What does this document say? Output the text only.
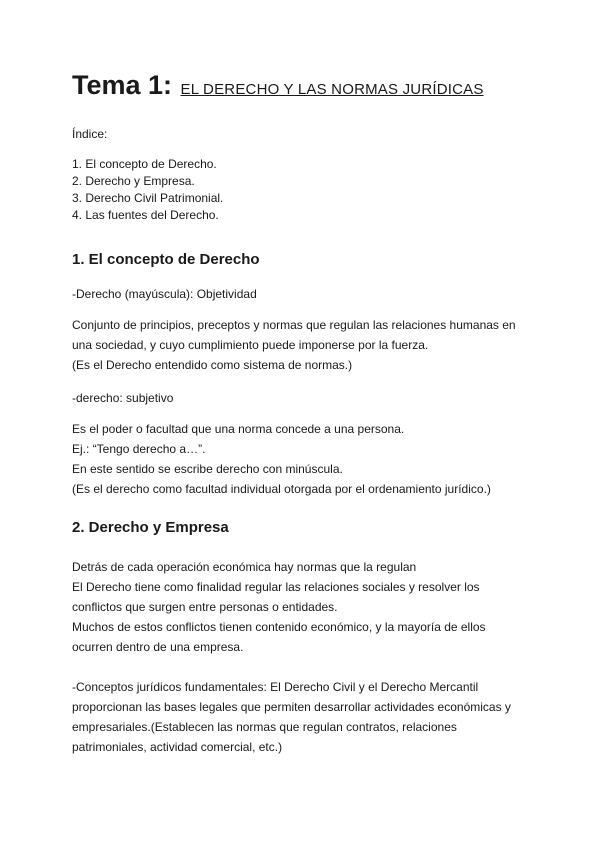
Tema 1: EL DERECHO Y LAS NORMAS JURÍDICAS
Índice:
1. El concepto de Derecho.
2. Derecho y Empresa.
3. Derecho Civil Patrimonial.
4. Las fuentes del Derecho.
1. El concepto de Derecho
-Derecho (mayúscula): Objetividad
Conjunto de principios, preceptos y normas que regulan las relaciones humanas en
una sociedad, y cuyo cumplimiento puede imponerse por la fuerza.
(Es el Derecho entendido como sistema de normas.)
-derecho: subjetivo
Es el poder o facultad que una norma concede a una persona.
Ej.: “Tengo derecho a…”.
En este sentido se escribe derecho con minúscula.
(Es el derecho como facultad individual otorgada por el ordenamiento jurídico.)
2. Derecho y Empresa
Detrás de cada operación económica hay normas que la regulan
El Derecho tiene como finalidad regular las relaciones sociales y resolver los
conflictos que surgen entre personas o entidades.
Muchos de estos conflictos tienen contenido económico, y la mayoría de ellos
ocurren dentro de una empresa.
-Conceptos jurídicos fundamentales: El Derecho Civil y el Derecho Mercantil
proporcionan las bases legales que permiten desarrollar actividades económicas y
empresariales.(Establecen las normas que regulan contratos, relaciones
patrimoniales, actividad comercial, etc.)
